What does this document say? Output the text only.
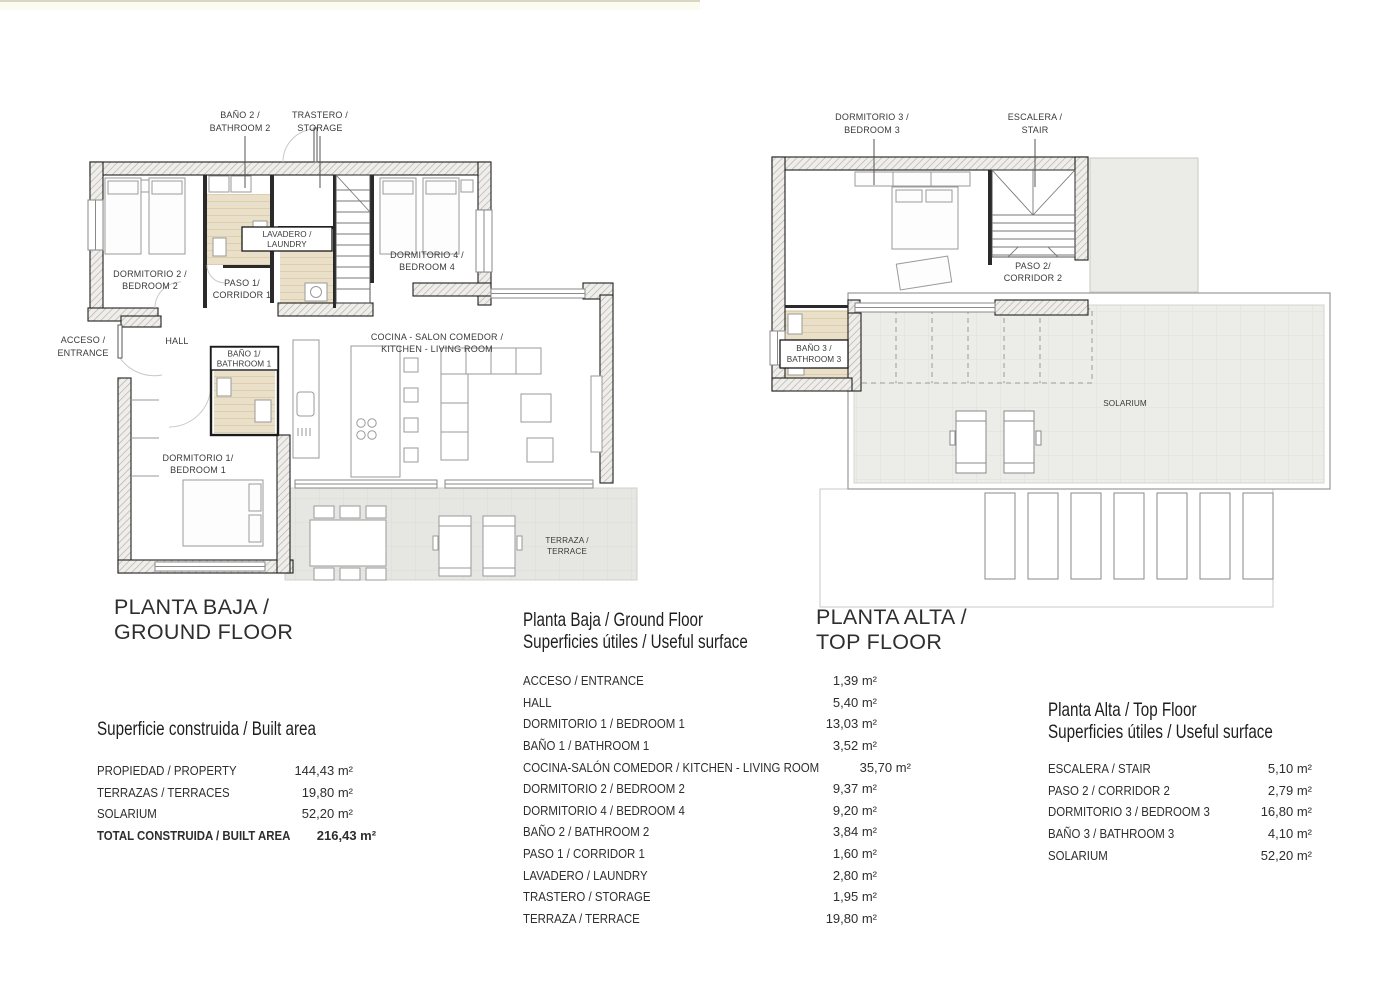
LAVADERO /
LAUNDRY
BAÑO 2 /
BATHROOM 2
TRASTERO /
STORAGE
DORMITORIO 2 /
BEDROOM 2	PASO 1/
CORRIDOR 1
DORMITORIO 4 /
BEDROOM 4
ACCESO /
ENTRANCE
HALL
BAÑO 1/
BATHROOM 1
DORMITORIO 1/
BEDROOM 1
COCINA - SALON COMEDOR /
KITCHEN - LIVING ROOM
TERRAZA /
TERRACE
BAÑO 3 /
BATHROOM 3
DORMITORIO 3 /
BEDROOM 3
ESCALERA /
STAIR
PASO 2/
CORRIDOR 2
SOLARIUM
PLANTA BAJA /
GROUND FLOOR
PLANTA ALTA /
TOP FLOOR
Superficie construida / Built area
PROPIEDAD / PROPERTY	144,43 m²
TERRAZAS / TERRACES	19,80 m²
SOLARIUM	52,20 m²
TOTAL CONSTRUIDA / BUILT AREA 216,43 m²
Planta Baja / Ground Floor
Superficies útiles / Useful surface
ACCESO / ENTRANCE	1,39 m²
HALL	5,40 m²
DORMITORIO 1 / BEDROOM 1	13,03 m²
BAÑO 1 / BATHROOM 1	3,52 m²
COCINA-SALÓN COMEDOR / KITCHEN - LIVING ROOM	35,70 m²
DORMITORIO 2 / BEDROOM 2	9,37 m²
DORMITORIO 4 / BEDROOM 4	9,20 m²
BAÑO 2 / BATHROOM 2	3,84 m²
PASO 1 / CORRIDOR 1	1,60 m²
LAVADERO / LAUNDRY	2,80 m²
TRASTERO / STORAGE	1,95 m²
TERRAZA / TERRACE	19,80 m²
Planta Alta / Top Floor
Superficies útiles / Useful surface
ESCALERA / STAIR	5,10 m²
PASO 2 / CORRIDOR 2	2,79 m²
DORMITORIO 3 / BEDROOM 3	16,80 m²
BAÑO 3 / BATHROOM 3	4,10 m²
SOLARIUM	52,20 m²
